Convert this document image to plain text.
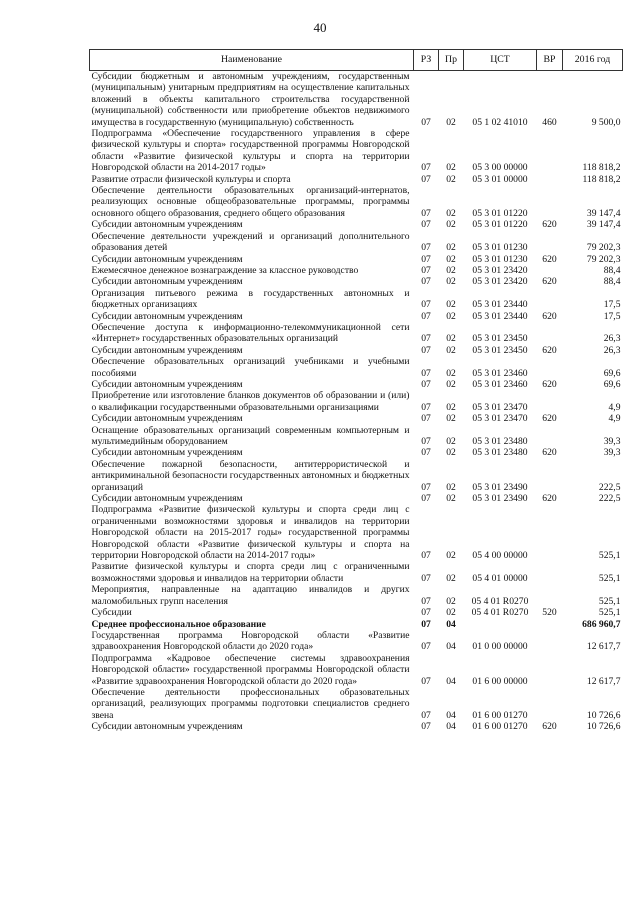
40
Наименование	РЗ	Пр	ЦСТ	ВР	2016 год
Субсидии бюджетным и автономным учреждениям, государственным (муниципальным) унитарным предприятиям на осуществление капитальных вложений в объекты капитального строительства государственной (муниципальной) собственности или приобретение объектов недвижимого имущества в государственную (муниципальную) собственность	07	02	05 1 02 41010	460	9 500,0
Подпрограмма «Обеспечение государственного управления в сфере физической культуры и спорта» государственной программы Новгородской области «Развитие физической культуры и спорта на территории Новгородской области на 2014-2017 годы»	07	02	05 3 00 00000		118 818,2
Развитие отрасли физической культуры и спорта	07	02	05 3 01 00000		118 818,2
Обеспечение деятельности образовательных организаций-интернатов, реализующих основные общеобразовательные программы, программы основного общего образования, среднего общего образования	07	02	05 3 01 01220		39 147,4
Субсидии автономным учреждениям	07	02	05 3 01 01220	620	39 147,4
Обеспечение деятельности учреждений и организаций дополнительного образования детей	07	02	05 3 01 01230		79 202,3
Субсидии автономным учреждениям	07	02	05 3 01 01230	620	79 202,3
Ежемесячное денежное вознаграждение за классное руководство	07	02	05 3 01 23420		88,4
Субсидии автономным учреждениям	07	02	05 3 01 23420	620	88,4
Организация питьевого режима в государственных автономных и бюджетных организациях	07	02	05 3 01 23440		17,5
Субсидии автономным учреждениям	07	02	05 3 01 23440	620	17,5
Обеспечение доступа к информационно-телекоммуникационной сети «Интернет» государственных образовательных организаций	07	02	05 3 01 23450		26,3
Субсидии автономным учреждениям	07	02	05 3 01 23450	620	26,3
Обеспечение образовательных организаций учебниками и учебными пособиями	07	02	05 3 01 23460		69,6
Субсидии автономным учреждениям	07	02	05 3 01 23460	620	69,6
Приобретение или изготовление бланков документов об образовании и (или) о квалификации государственными образовательными организациями	07	02	05 3 01 23470		4,9
Субсидии автономным учреждениям	07	02	05 3 01 23470	620	4,9
Оснащение образовательных организаций современным компьютерным и мультимедийным оборудованием	07	02	05 3 01 23480		39,3
Субсидии автономным учреждениям	07	02	05 3 01 23480	620	39,3
Обеспечение пожарной безопасности, антитеррористической и антикриминальной безопасности государственных автономных и бюджетных организаций	07	02	05 3 01 23490		222,5
Субсидии автономным учреждениям	07	02	05 3 01 23490	620	222,5
Подпрограмма «Развитие физической культуры и спорта среди лиц с ограниченными возможностями здоровья и инвалидов на территории Новгородской области на 2015-2017 годы» государственной программы Новгородской области «Развитие физической культуры и спорта на территории Новгородской области на 2014-2017 годы»	07	02	05 4 00 00000		525,1
Развитие физической культуры и спорта среди лиц с ограниченными возможностями здоровья и инвалидов на территории области	07	02	05 4 01 00000		525,1
Мероприятия, направленные на адаптацию инвалидов и других маломобильных групп населения	07	02	05 4 01 R0270		525,1
Субсидии	07	02	05 4 01 R0270	520	525,1
Среднее профессиональное образование	07	04			686 960,7
Государственная программа Новгородской области «Развитие здравоохранения Новгородской области до 2020 года»	07	04	01 0 00 00000		12 617,7
Подпрограмма «Кадровое обеспечение системы здравоохранения Новгородской области» государственной программы Новгородской области «Развитие здравоохранения Новгородской области до 2020 года»	07	04	01 6 00 00000		12 617,7
Обеспечение деятельности профессиональных образовательных организаций, реализующих программы подготовки специалистов среднего звена	07	04	01 6 00 01270		10 726,6
Субсидии автономным учреждениям	07	04	01 6 00 01270	620	10 726,6
